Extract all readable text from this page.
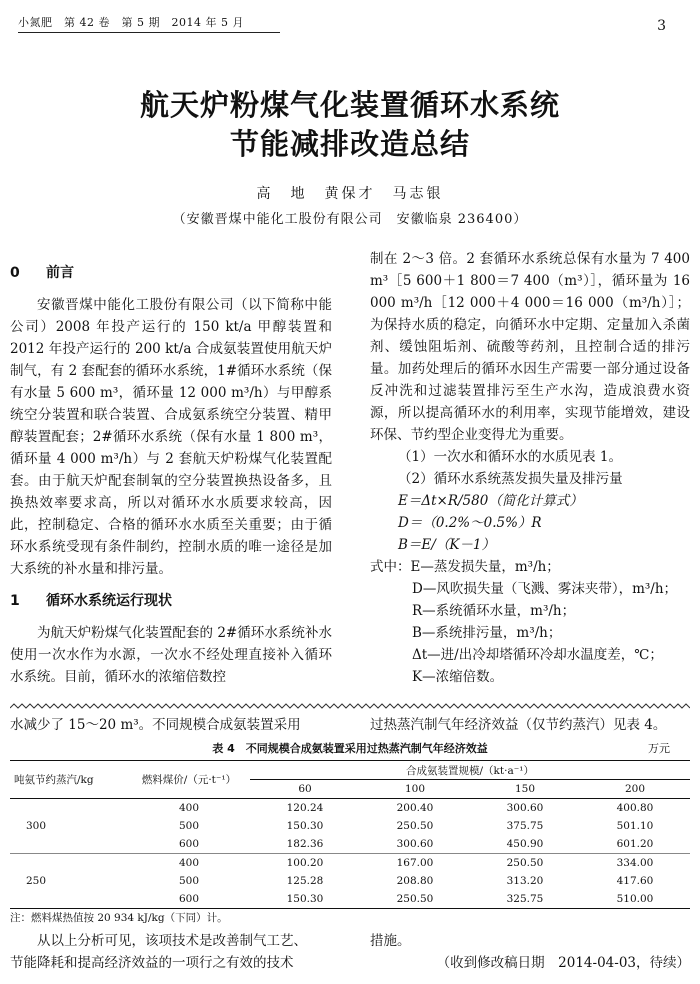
小氮肥　第 42 卷　第 5 期　2014 年 5 月	3
航天炉粉煤气化装置循环水系统
节能减排改造总结
高　地　黄保才　马志银
（安徽晋煤中能化工股份有限公司　安徽临泉 236400）
0 前言

安徽晋煤中能化工股份有限公司（以下简称中能公司）2008 年投产运行的 150 kt/a 甲醇装置和 2012 年投产运行的 200 kt/a 合成氨装置使用航天炉制气，有 2 套配套的循环水系统，1#循环水系统（保有水量 5 600 m³，循环量 12 000 m³/h）与甲醇系统空分装置和联合装置、合成氨系统空分装置、精甲醇装置配套；2#循环水系统（保有水量 1 800 m³，循环量 4 000 m³/h）与 2 套航天炉粉煤气化装置配套。由于航天炉配套制氧的空分装置换热设备多，且换热效率要求高，所以对循环水水质要求较高，因此，控制稳定、合格的循环水水质至关重要；由于循环水系统受现有条件制约，控制水质的唯一途径是加大系统的补水量和排污量。

1 循环水系统运行现状

为航天炉粉煤气化装置配套的 2#循环水系统补水使用一次水作为水源，一次水不经处理直接补入循环水系统。目前，循环水的浓缩倍数控

制在 2～3 倍。2 套循环水系统总保有水量为 7 400 m³［5 600＋1 800＝7 400（m³）］，循环量为 16 000 m³/h［12 000＋4 000＝16 000（m³/h）］；为保持水质的稳定，向循环水中定期、定量加入杀菌剂、缓蚀阻垢剂、硫酸等药剂，且控制合适的排污量。加药处理后的循环水因生产需要一部分通过设备反冲洗和过滤装置排污至生产水沟，造成浪费水资源，所以提高循环水的利用率，实现节能增效，建设环保、节约型企业变得尤为重要。

（1）一次水和循环水的水质见表 1。

（2）循环水系统蒸发损失量及排污量

E＝Δt×R/580（简化计算式）

D＝（0.2%～0.5%）R

B＝E/（K－1）

式中：E—蒸发损失量，m³/h；

D—风吹损失量（飞溅、雾沫夹带），m³/h；

R—系统循环水量，m³/h；

B—系统排污量，m³/h；

Δt—进/出冷却塔循环冷却水温度差，℃；

K—浓缩倍数。

水减少了 15～20 m³。不同规模合成氨装置采用	过热蒸汽制气年经济效益（仅节约蒸汽）见表 4。
表 4　不同规模合成氨装置采用过热蒸汽制气年经济效益	万元
吨氨节约蒸汽/kg	燃料煤价/（元·t⁻¹）	合成氨装置规模/（kt·a⁻¹）			
		60	100	150	200
	400	120.24	200.40	300.60	400.80
300	500	150.30	250.50	375.75	501.10
	600	182.36	300.60	450.90	601.20
	400	100.20	167.00	250.50	334.00
250	500	125.28	208.80	313.20	417.60
	600	150.30	250.50	325.75	510.00
注：燃料煤热值按 20 934 kJ/kg（下同）计。

从以上分析可见，该项技术是改善制气工艺、

节能降耗和提高经济效益的一项行之有效的技术

措施。

（收到修改稿日期　2014-04-03，待续）
